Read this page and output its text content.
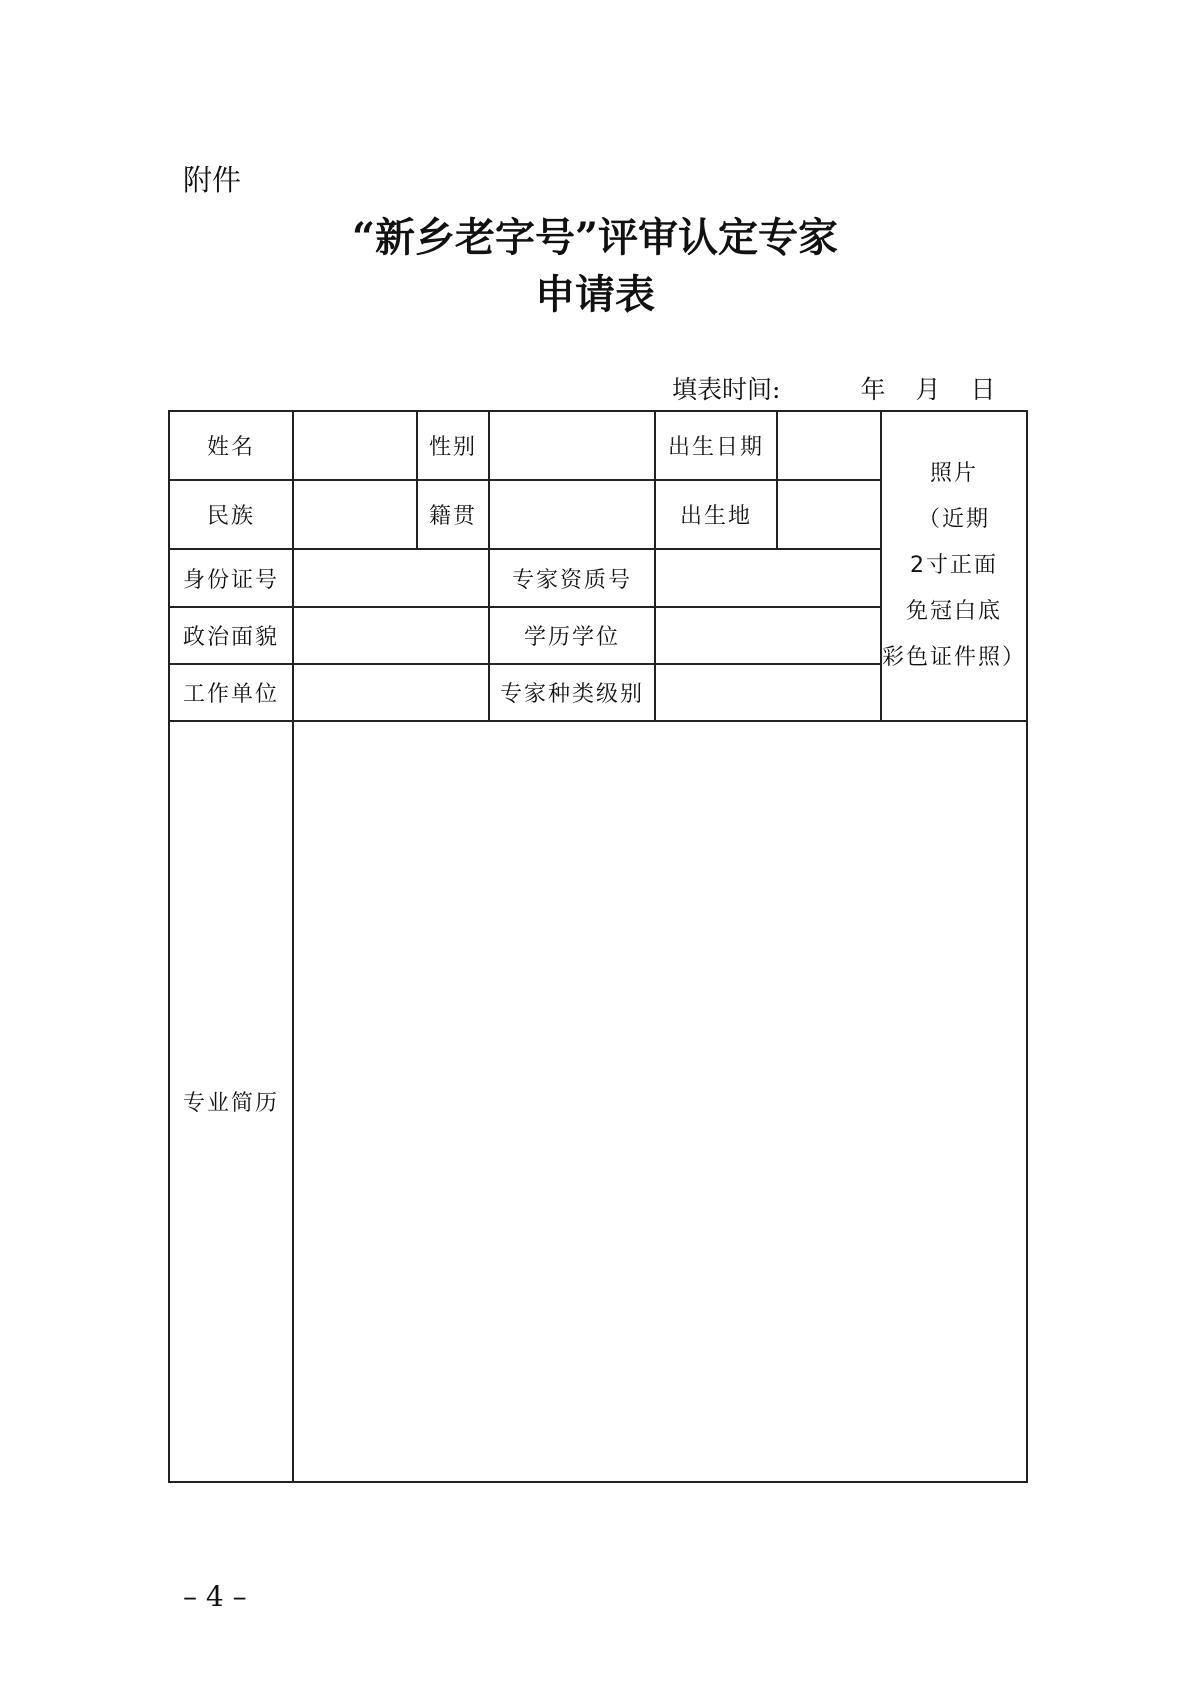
附件
“新乡老字号”评审认定专家
申请表
填表时间:	年 月 日
姓名		性别		出生日期		照片
（近期
2寸正面
免冠白底
彩色证件照）

民族		籍贯		出生地		
身份证号			专家资质号			
政治面貌			学历学位			
工作单位			专家种类级别			
专业简历						
– 4 –
